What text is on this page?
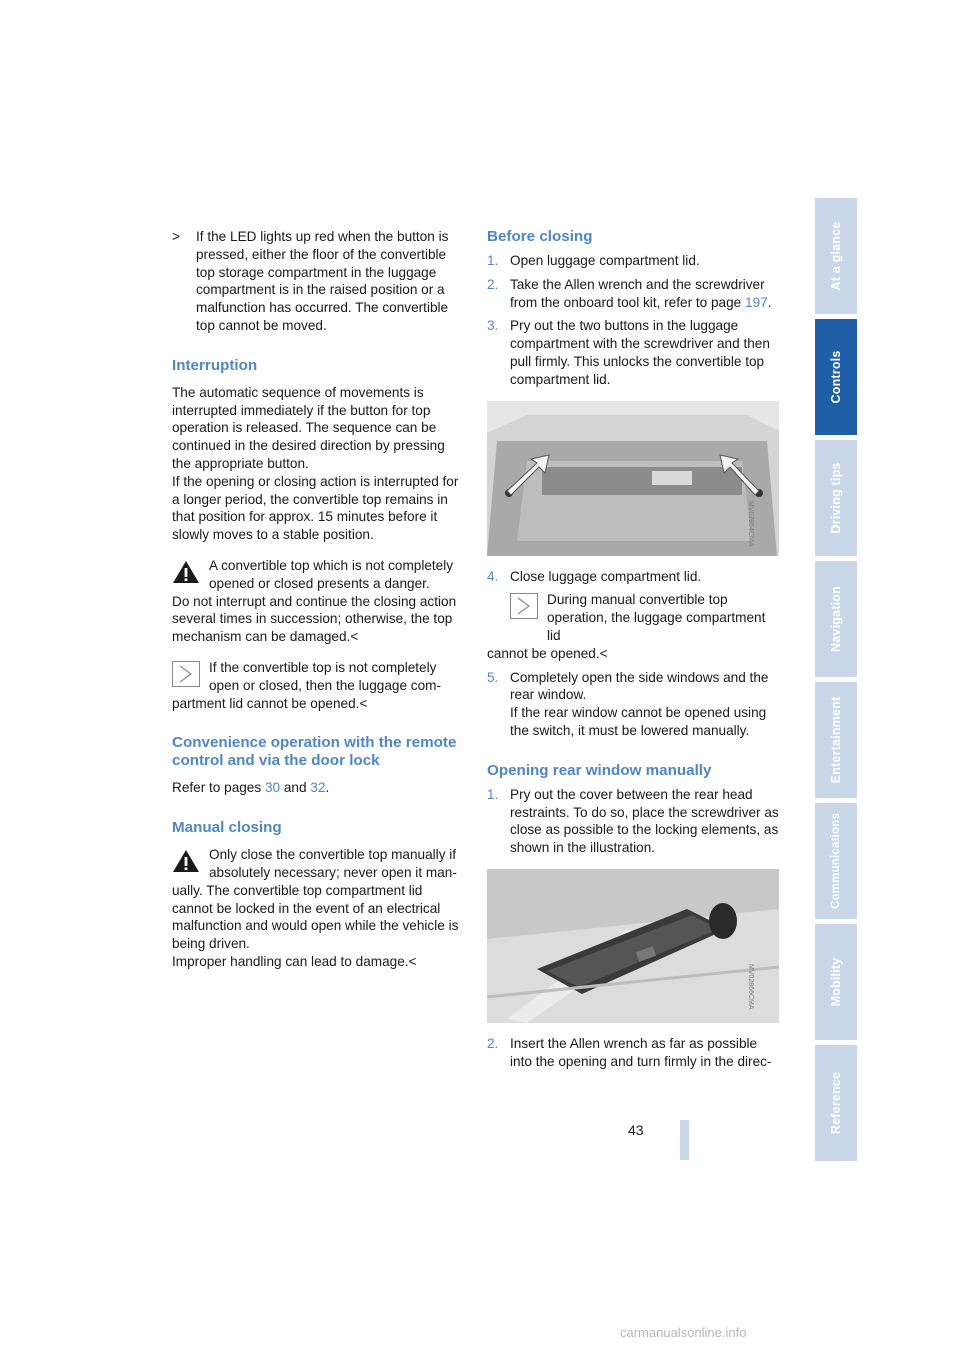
> If the LED lights up red when the button is pressed, either the floor of the convertible top storage compartment in the luggage compartment is in the raised position or a malfunction has occurred. The convertible top cannot be moved.

Interruption

The automatic sequence of movements is interrupted immediately if the button for top operation is released. The sequence can be continued in the desired direction by pressing the appropriate button.

If the opening or closing action is interrupted for a longer period, the convertible top remains in that position for approx. 15 minutes before it slowly moves to a stable position.

A convertible top which is not completely opened or closed presents a danger.

Do not interrupt and continue the closing action several times in succession; otherwise, the top mechanism can be damaged.<

If the convertible top is not completely open or closed, then the luggage com-

partment lid cannot be opened.<

Convenience operation with the remote control and via the door lock

Refer to pages 30 and 32.

Manual closing

Only close the convertible top manually if absolutely necessary; never open it man-

ually. The convertible top compartment lid cannot be locked in the event of an electrical malfunction and would open while the vehicle is being driven.

Improper handling can lead to damage.<

Before closing
1. Open luggage compartment lid.

2. Take the Allen wrench and the screwdriver from the onboard tool kit, refer to page 197.

3. Pry out the two buttons in the luggage compartment with the screwdriver and then pull firmly. This unlocks the convertible top compartment lid.

MV02864CMA
4. Close luggage compartment lid.

During manual convertible top operation, the luggage compartment lid

cannot be opened.<

5. Completely open the side windows and the rear window.

If the rear window cannot be opened using the switch, it must be lowered manually.

Opening rear window manually
1. Pry out the cover between the rear head restraints. To do so, place the screwdriver as close as possible to the locking elements, as shown in the illustration.

MV02866CMA
2. Insert the Allen wrench as far as possible into the opening and turn firmly in the direc-

At a glance
Controls
Driving tips
Navigation
Entertainment
Communications
Mobility
Reference
43
carmanualsonline.info
